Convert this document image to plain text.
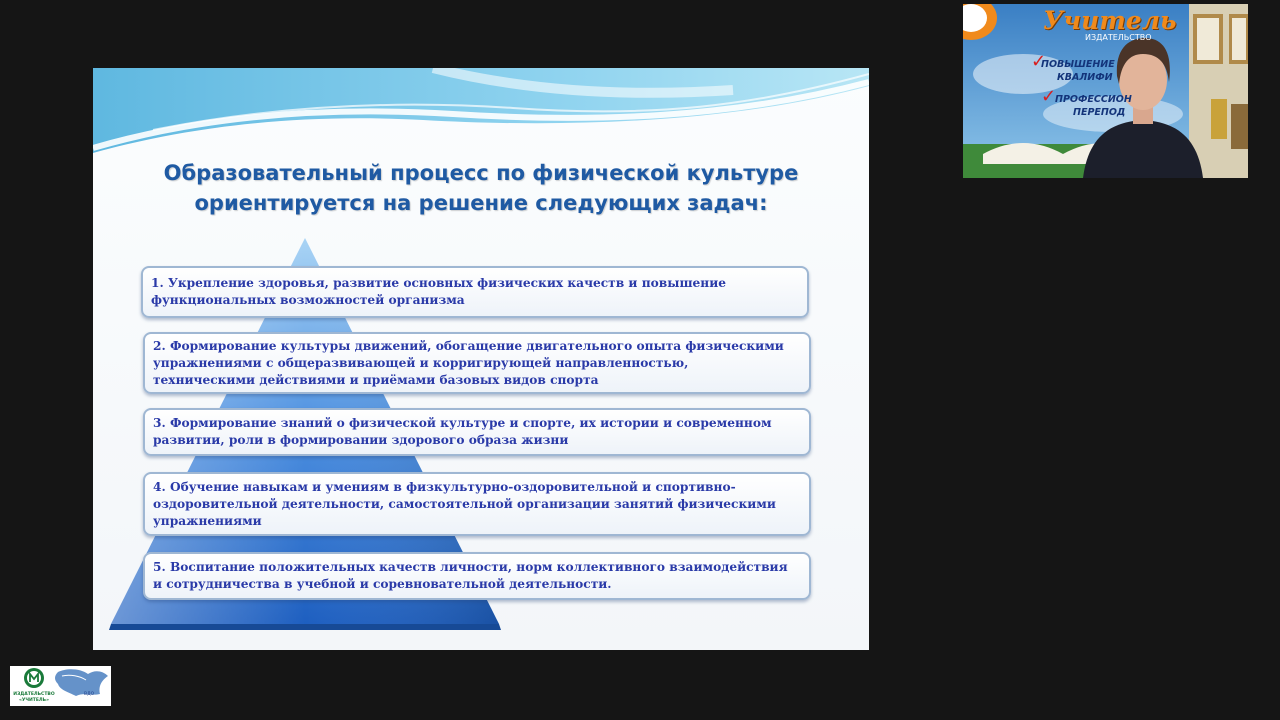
Образовательный процесс по физической культуре
ориентируется на решение следующих задач:
1. Укрепление здоровья, развитие основных физических качеств и повышение
функциональных возможностей организма
2. Формирование культуры движений, обогащение двигательного опыта физическими
упражнениями с общеразвивающей и корригирующей направленностью,
техническими действиями и приёмами базовых видов спорта
3. Формирование знаний о физической культуре и спорте, их истории и современном
развитии, роли в формировании здорового образа жизни
4. Обучение навыкам и умениям в физкультурно-оздоровительной и спортивно-
оздоровительной деятельности, самостоятельной организации занятий физическими
упражнениями
5. Воспитание положительных качеств личности, норм коллективного взаимодействия
и сотрудничества в учебной и соревновательной деятельности.
Учитель
ИЗДАТЕЛЬСТВО
✓
ПОВЫШЕНИЕ
КВАЛИФИ
✓
ПРОФЕССИОН
ПЕРЕПОД
ИЗДАТЕЛЬСТВО
«УЧИТЕЛЬ»
ВДО
